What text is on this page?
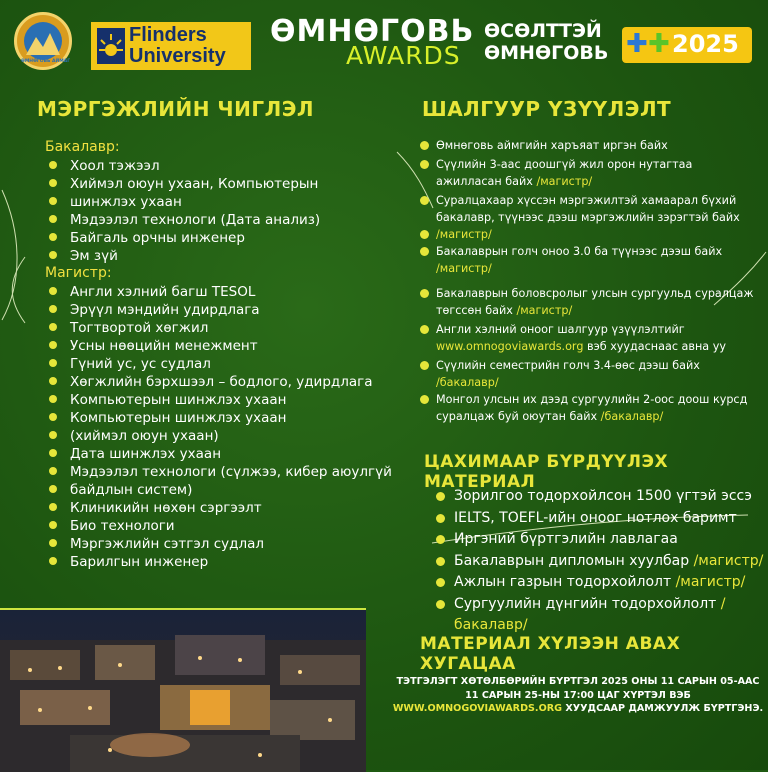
ӨМНӨГОВЬ АЙМАГ
Flinders
University
ӨМНӨГОВЬ
AWARDS
ӨСӨЛТТЭЙ
ӨМНӨГОВЬ ✚ ✚ 2025
МЭРГЭЖЛИЙН ЧИГЛЭЛ
Бакалавр:
Хоол тэжээл
Хиймэл оюун ухаан, Компьютерын
шинжлэх ухаан
Мэдээлэл технологи (Дата анализ)
Байгаль орчны инженер
Эм зүй
Магистр:
Англи хэлний багш TESOL
Эрүүл мэндийн удирдлага
Тогтвортой хөгжил
Усны нөөцийн менежмент
Гүний ус, ус судлал
Хөгжлийн бэрхшээл – бодлого, удирдлага
Компьютерын шинжлэх ухаан
Компьютерын шинжлэх ухаан
(хиймэл оюун ухаан)
Дата шинжлэх ухаан
Мэдээлэл технологи (сүлжээ, кибер аюулгүй
байдлын систем)
Клиникийн нөхөн сэргээлт
Био технологи
Мэргэжлийн сэтгэл судлал
Барилгын инженер
ШАЛГУУР ҮЗҮҮЛЭЛТ
Өмнөговь аймгийн харъяат иргэн байх
Сүүлийн 3-аас доошгүй жил орон нутагтаа ажилласан байх /магистр/
Суралцахаар хүссэн мэргэжилтэй хамаарал бүхий бакалавр, түүнээс дээш мэргэжлийн зэрэгтэй байх
/магистр/
Бакалаврын голч оноо 3.0 ба түүнээс дээш байх
/магистр/
Бакалаврын боловсролыг улсын сургуульд суралцаж төгссөн байх /магистр/
Англи хэлний оноог шалгуур үзүүлэлтийг
www.omnogoviawards.org вэб хуудаснаас авна уу
Сүүлийн семестрийн голч 3.4-өөс дээш байх
/бакалавр/
Монгол улсын их дээд сургуулийн 2-оос доош курсд суралцаж буй оюутан байх /бакалавр/
ЦАХИМААР БҮРДҮҮЛЭХ МАТЕРИАЛ
Зорилгоо тодорхойлсон 1500 үгтэй эссэ
IELTS, TOEFL-ийн оноог нотлох баримт
Иргэний бүртгэлийн лавлагаа
Бакалаврын дипломын хуулбар /магистр/
Ажлын газрын тодорхойлолт /магистр/
Сургуулийн дүнгийн тодорхойлолт /бакалавр/
МАТЕРИАЛ ХҮЛЭЭН АВАХ ХУГАЦАА
ТЭТГЭЛЭГТ ХӨТӨЛБӨРИЙН БҮРТГЭЛ 2025 ОНЫ 11 САРЫН 05-ААС
11 САРЫН 25-НЫ 17:00 ЦАГ ХҮРТЭЛ ВЭБ
WWW.OMNOGOVIAWARDS.ORG ХУУДСААР ДАМЖУУЛЖ БҮРТГЭНЭ.
